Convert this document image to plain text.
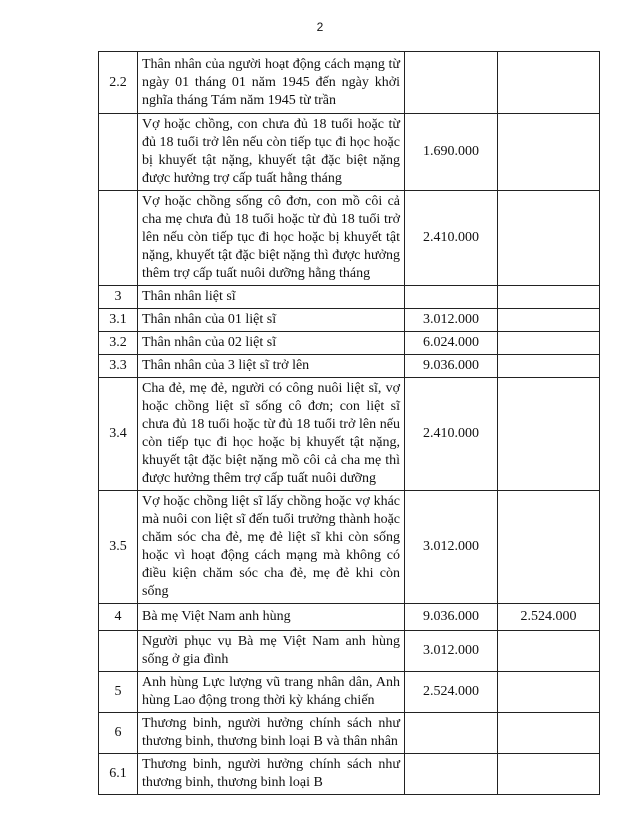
2
2.2	Thân nhân của người hoạt động cách mạng từ ngày 01 tháng 01 năm 1945 đến ngày khởi nghĩa tháng Tám năm 1945 từ trần		
	Vợ hoặc chồng, con chưa đủ 18 tuổi hoặc từ đủ 18 tuổi trở lên nếu còn tiếp tục đi học hoặc bị khuyết tật nặng, khuyết tật đặc biệt nặng được hưởng trợ cấp tuất hằng tháng	1.690.000	
	Vợ hoặc chồng sống cô đơn, con mồ côi cả cha mẹ chưa đủ 18 tuổi hoặc từ đủ 18 tuổi trở lên nếu còn tiếp tục đi học hoặc bị khuyết tật nặng, khuyết tật đặc biệt nặng thì được hưởng thêm trợ cấp tuất nuôi dưỡng hằng tháng	2.410.000	
3	Thân nhân liệt sĩ		
3.1	Thân nhân của 01 liệt sĩ	3.012.000	
3.2	Thân nhân của 02 liệt sĩ	6.024.000	
3.3	Thân nhân của 3 liệt sĩ trở lên	9.036.000	
3.4	Cha đẻ, mẹ đẻ, người có công nuôi liệt sĩ, vợ hoặc chồng liệt sĩ sống cô đơn; con liệt sĩ chưa đủ 18 tuổi hoặc từ đủ 18 tuổi trở lên nếu còn tiếp tục đi học hoặc bị khuyết tật nặng, khuyết tật đặc biệt nặng mồ côi cả cha mẹ thì được hưởng thêm trợ cấp tuất nuôi dưỡng	2.410.000	
3.5	Vợ hoặc chồng liệt sĩ lấy chồng hoặc vợ khác mà nuôi con liệt sĩ đến tuổi trưởng thành hoặc chăm sóc cha đẻ, mẹ đẻ liệt sĩ khi còn sống hoặc vì hoạt động cách mạng mà không có điều kiện chăm sóc cha đẻ, mẹ đẻ khi còn sống	3.012.000	
4	Bà mẹ Việt Nam anh hùng	9.036.000	2.524.000
	Người phục vụ Bà mẹ Việt Nam anh hùng sống ở gia đình	3.012.000	
5	Anh hùng Lực lượng vũ trang nhân dân, Anh hùng Lao động trong thời kỳ kháng chiến	2.524.000	
6	Thương binh, người hưởng chính sách như thương binh, thương binh loại B và thân nhân		
6.1	Thương binh, người hưởng chính sách như thương binh, thương binh loại B		
